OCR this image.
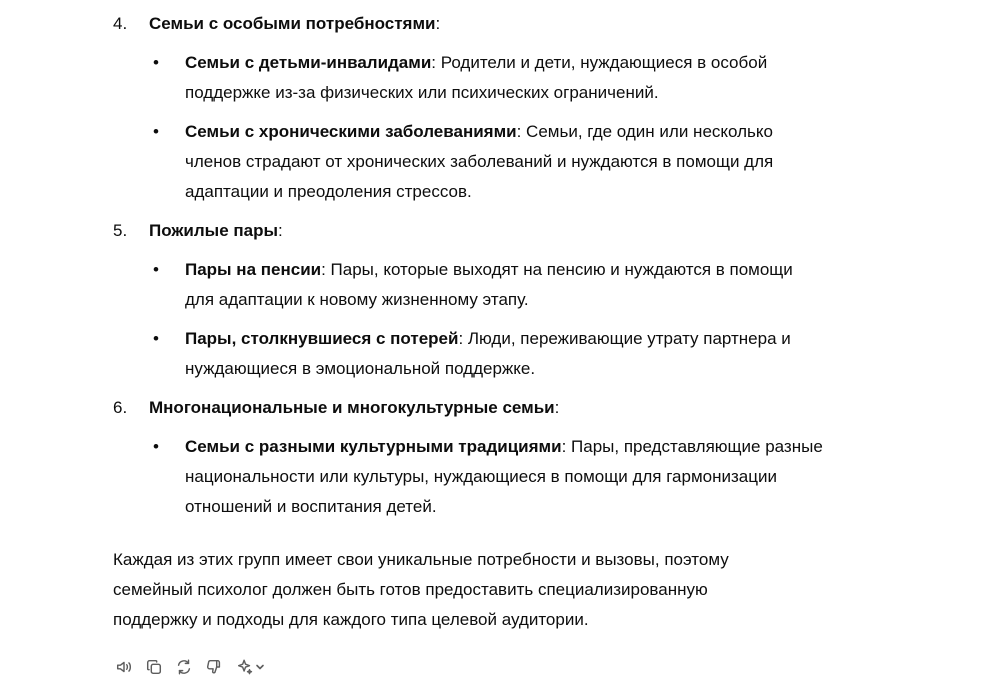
4.	Семьи с особыми потребностями:
• Семьи с детьми-инвалидами: Родители и дети, нуждающиеся в особой
поддержке из-за физических или психических ограничений.
• Семьи с хроническими заболеваниями: Семьи, где один или несколько
членов страдают от хронических заболеваний и нуждаются в помощи для
адаптации и преодоления стрессов.
5.	Пожилые пары:
• Пары на пенсии: Пары, которые выходят на пенсию и нуждаются в помощи
для адаптации к новому жизненному этапу.
• Пары, столкнувшиеся с потерей: Люди, переживающие утрату партнера и
нуждающиеся в эмоциональной поддержке.
6.	Многонациональные и многокультурные семьи:
• Семьи с разными культурными традициями: Пары, представляющие разные
национальности или культуры, нуждающиеся в помощи для гармонизации
отношений и воспитания детей.
Каждая из этих групп имеет свои уникальные потребности и вызовы, поэтому
семейный психолог должен быть готов предоставить специализированную
поддержку и подходы для каждого типа целевой аудитории.
